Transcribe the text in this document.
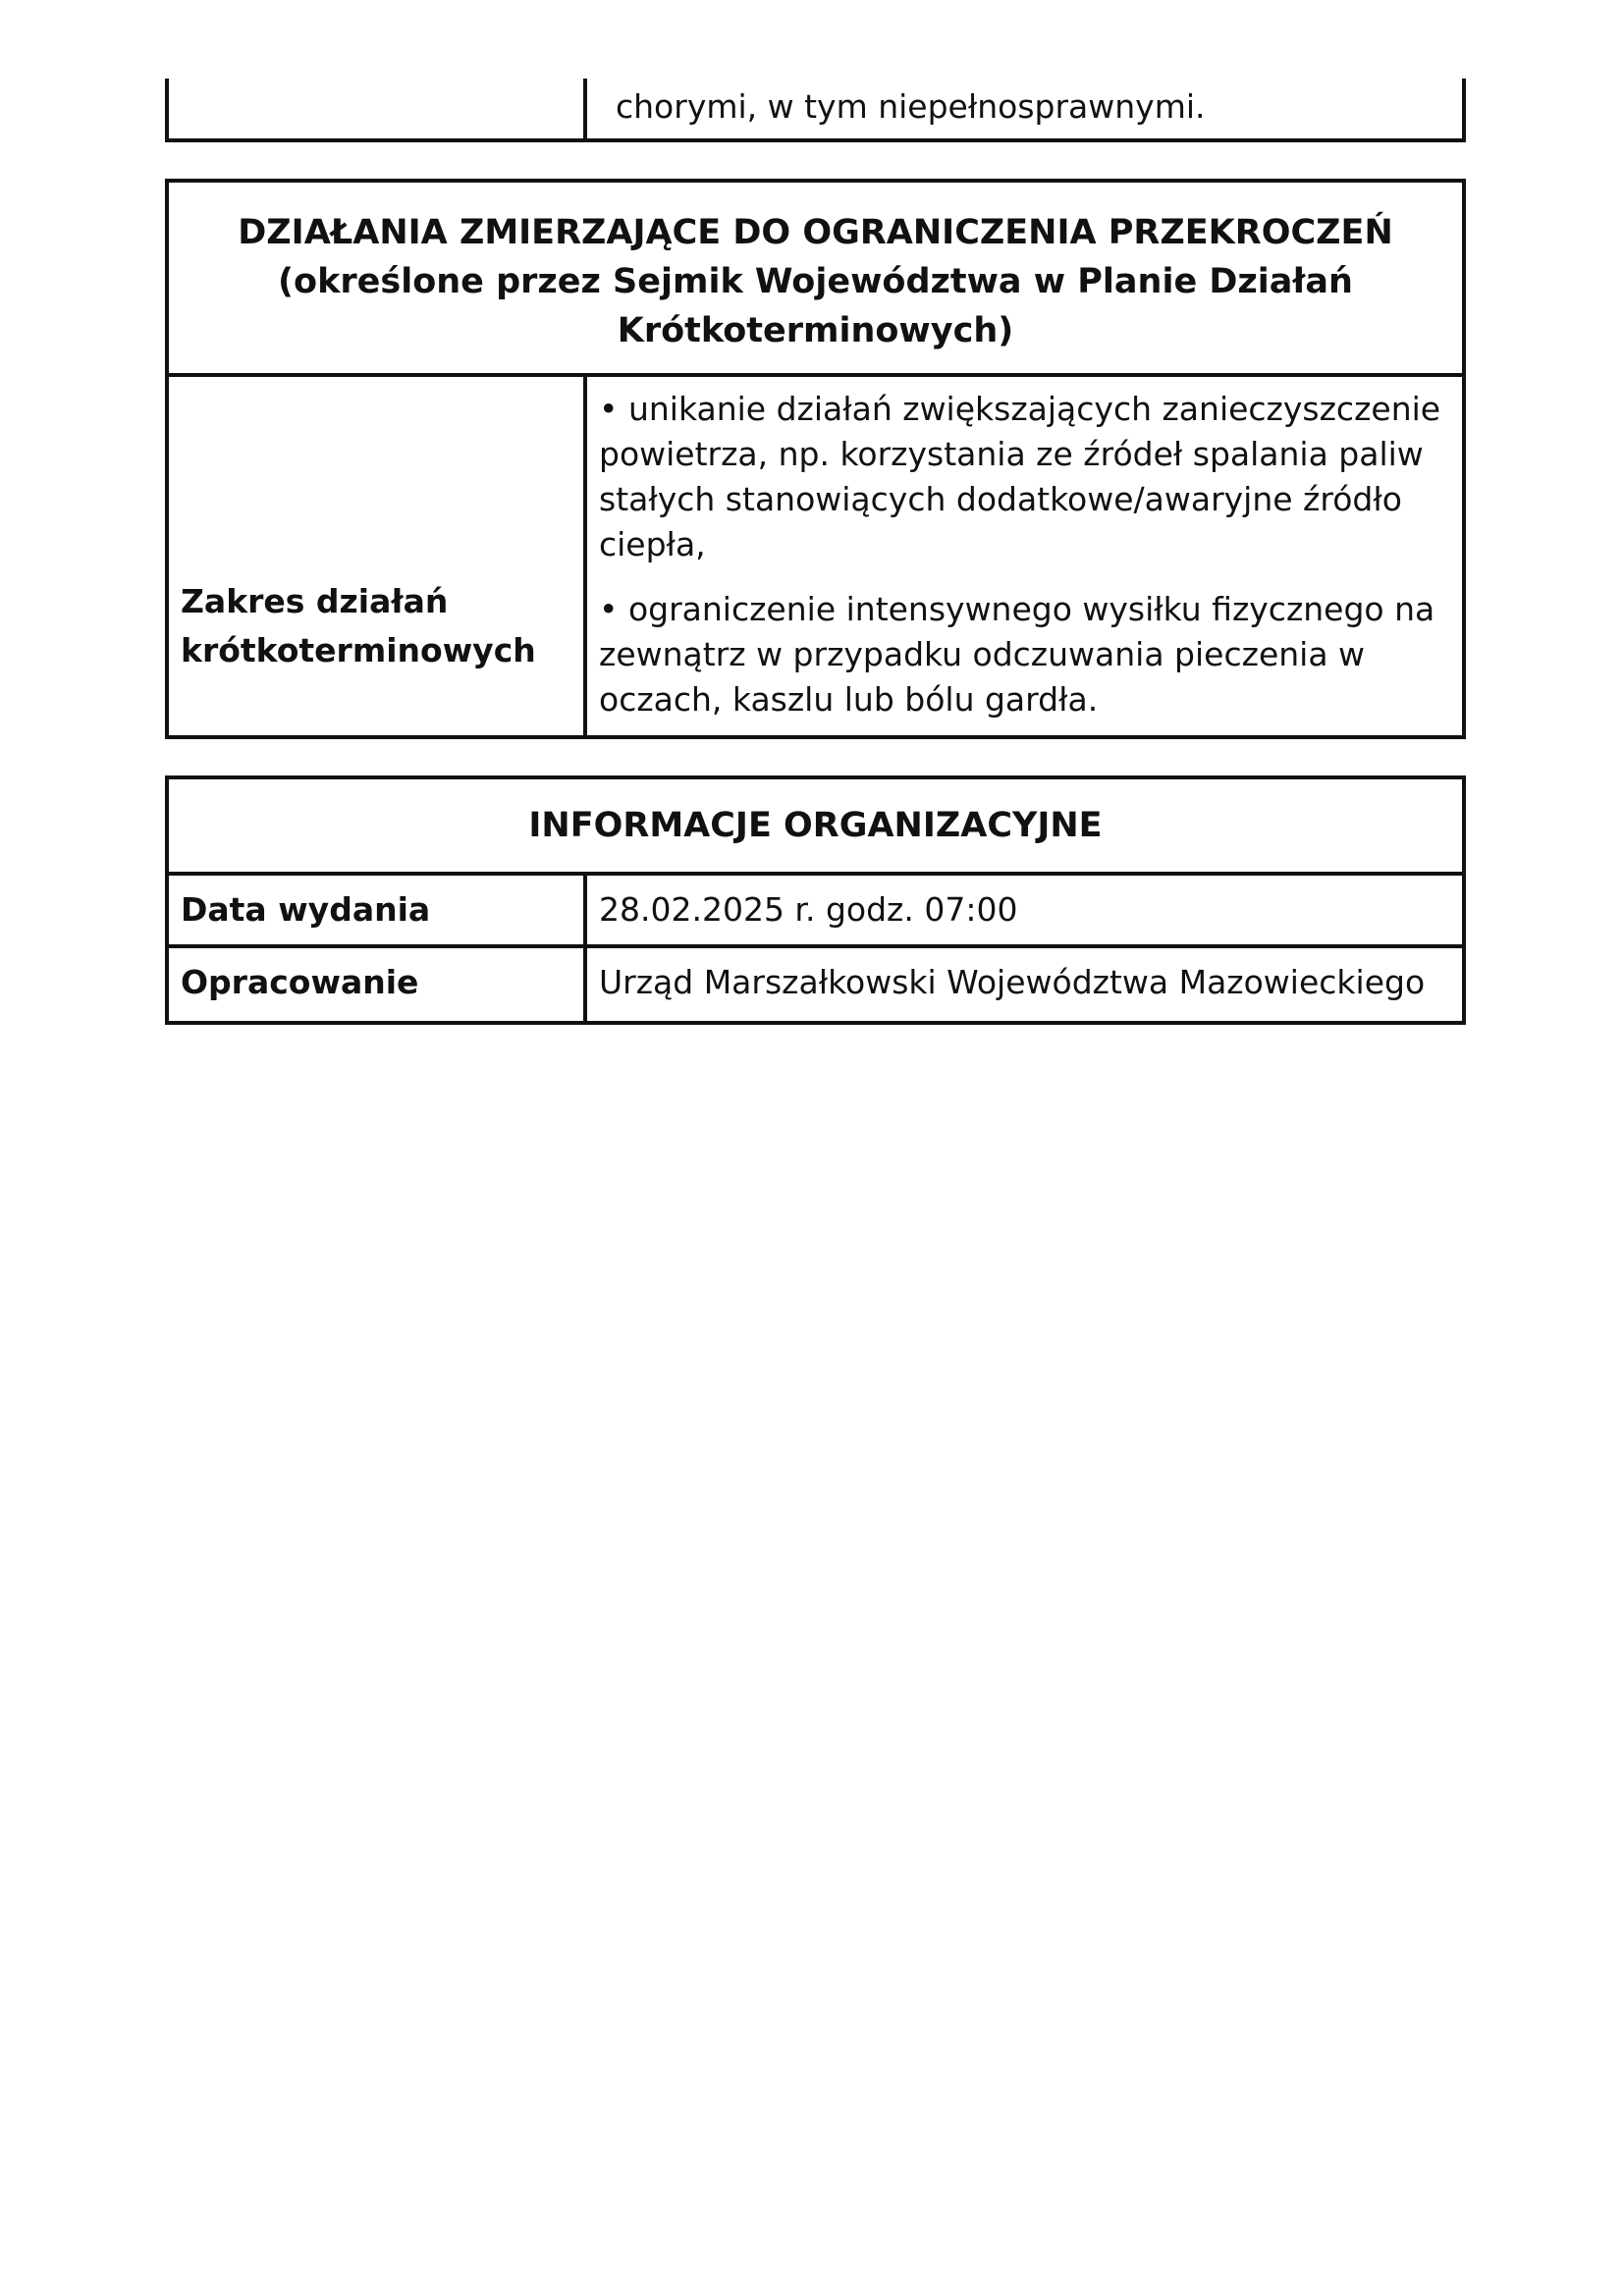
chorymi, w tym niepełnosprawnymi.
DZIAŁANIA ZMIERZAJĄCE DO OGRANICZENIA PRZEKROCZEŃ
(określone przez Sejmik Województwa w Planie Działań
Krótkoterminowych)
Zakres działań
krótkoterminowych
• unikanie działań zwiększających zanieczyszczenie powietrza, np. korzystania ze źródeł spalania paliw stałych stanowiących dodatkowe/awaryjne źródło ciepła,
• ograniczenie intensywnego wysiłku fizycznego na zewnątrz w przypadku odczuwania pieczenia w oczach, kaszlu lub bólu gardła.
INFORMACJE ORGANIZACYJNE
Data wydania	28.02.2025 r. godz. 07:00
Opracowanie	Urząd Marszałkowski Województwa Mazowieckiego
